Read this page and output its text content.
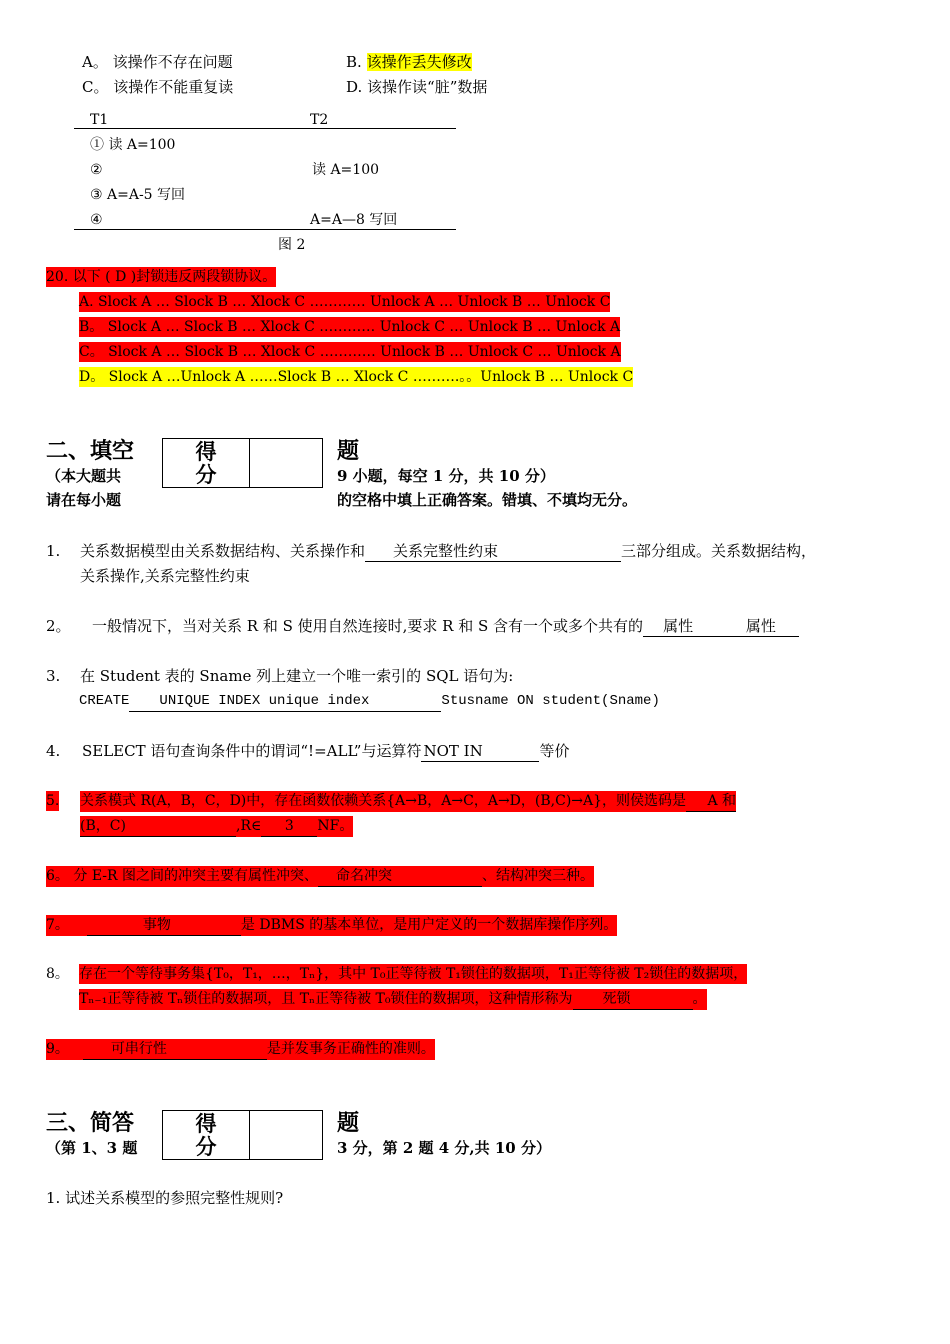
A。 该操作不存在问题	B. 该操作丢失修改
C。 该操作不能重复读	D. 该操作读“脏”数据
T1	T2
① 读 A=100
②	读 A=100
③ A=A-5 写回
④	A=A—8 写回
图 2
20. 以下 ( D )封锁违反两段锁协议。
A. Slock A … Slock B … Xlock C ………… Unlock A … Unlock B … Unlock C
B。 Slock A … Slock B … Xlock C ………… Unlock C … Unlock B … Unlock A
C。 Slock A … Slock B … Xlock C ………… Unlock B … Unlock C … Unlock A
D。 Slock A …Unlock A ……Slock B … Xlock C ……….。。Unlock B … Unlock C
二、填空	得
分
题
（本大题共	9 小题，每空 1 分，共 10 分）
请在每小题	的空格中填上正确答案。错填、不填均无分。
1. 关系数据模型由关系数据结构、关系操作和 关系完整性约束	三部分组成。关系数据结构，
关系操作,关系完整性约束
2。 一般情况下，当对关系 R 和 S 使用自然连接时,要求 R 和 S 含有一个或多个共有的 属性 属性
3. 在 Student 表的 Sname 列上建立一个唯一索引的 SQL 语句为:
CREATE UNIQUE INDEX unique index	Stusname ON student(Sname)
4. SELECT 语句查询条件中的谓词“!=ALL”与运算符 NOT IN	等价
5. 关系模式 R(A，B，C，D)中，存在函数依赖关系{A→B，A→C，A→D，(B,C)→A}，则侯选码是 A 和
(B，C)	,R∈ 3 NF。
6。 分 E-R 图之间的冲突主要有属性冲突、 命名冲突	、结构冲突三种。
7。	事物	是 DBMS 的基本单位，是用户定义的一个数据库操作序列。
8。 存在一个等待事务集{T₀，T₁，…，Tₙ}，其中 T₀正等待被 T₁锁住的数据项，T₁正等待被 T₂锁住的数据项，
Tₙ₋₁正等待被 Tₙ锁住的数据项，且 Tₙ正等待被 T₀锁住的数据项，这种情形称为 死锁	。
9。	可串行性	是并发事务正确性的准则。
三、简答	得
分
题
（第 1、3 题	3 分，第 2 题 4 分,共 10 分）
1. 试述关系模型的参照完整性规则?
